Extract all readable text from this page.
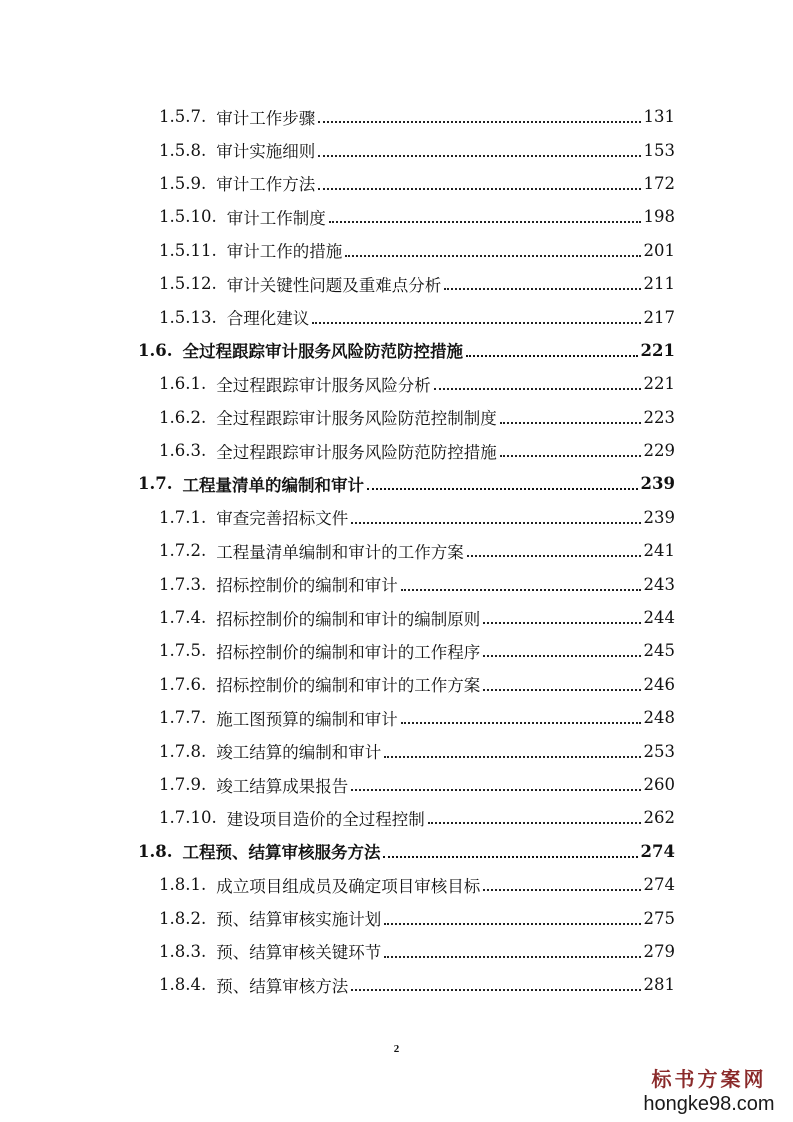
1.5.7. 审计工作步骤	131
1.5.8. 审计实施细则	153
1.5.9. 审计工作方法	172
1.5.10. 审计工作制度	198
1.5.11. 审计工作的措施	201
1.5.12. 审计关键性问题及重难点分析	211
1.5.13. 合理化建议	217
1.6. 全过程跟踪审计服务风险防范防控措施	221
1.6.1. 全过程跟踪审计服务风险分析	221
1.6.2. 全过程跟踪审计服务风险防范控制制度	223
1.6.3. 全过程跟踪审计服务风险防范防控措施	229
1.7. 工程量清单的编制和审计	239
1.7.1. 审查完善招标文件	239
1.7.2. 工程量清单编制和审计的工作方案	241
1.7.3. 招标控制价的编制和审计	243
1.7.4. 招标控制价的编制和审计的编制原则	244
1.7.5. 招标控制价的编制和审计的工作程序	245
1.7.6. 招标控制价的编制和审计的工作方案	246
1.7.7. 施工图预算的编制和审计	248
1.7.8. 竣工结算的编制和审计	253
1.7.9. 竣工结算成果报告	260
1.7.10. 建设项目造价的全过程控制	262
1.8. 工程预、结算审核服务方法	274
1.8.1. 成立项目组成员及确定项目审核目标	274
1.8.2. 预、结算审核实施计划	275
1.8.3. 预、结算审核关键环节	279
1.8.4. 预、结算审核方法	281
2
标书方案网
hongke98.com
